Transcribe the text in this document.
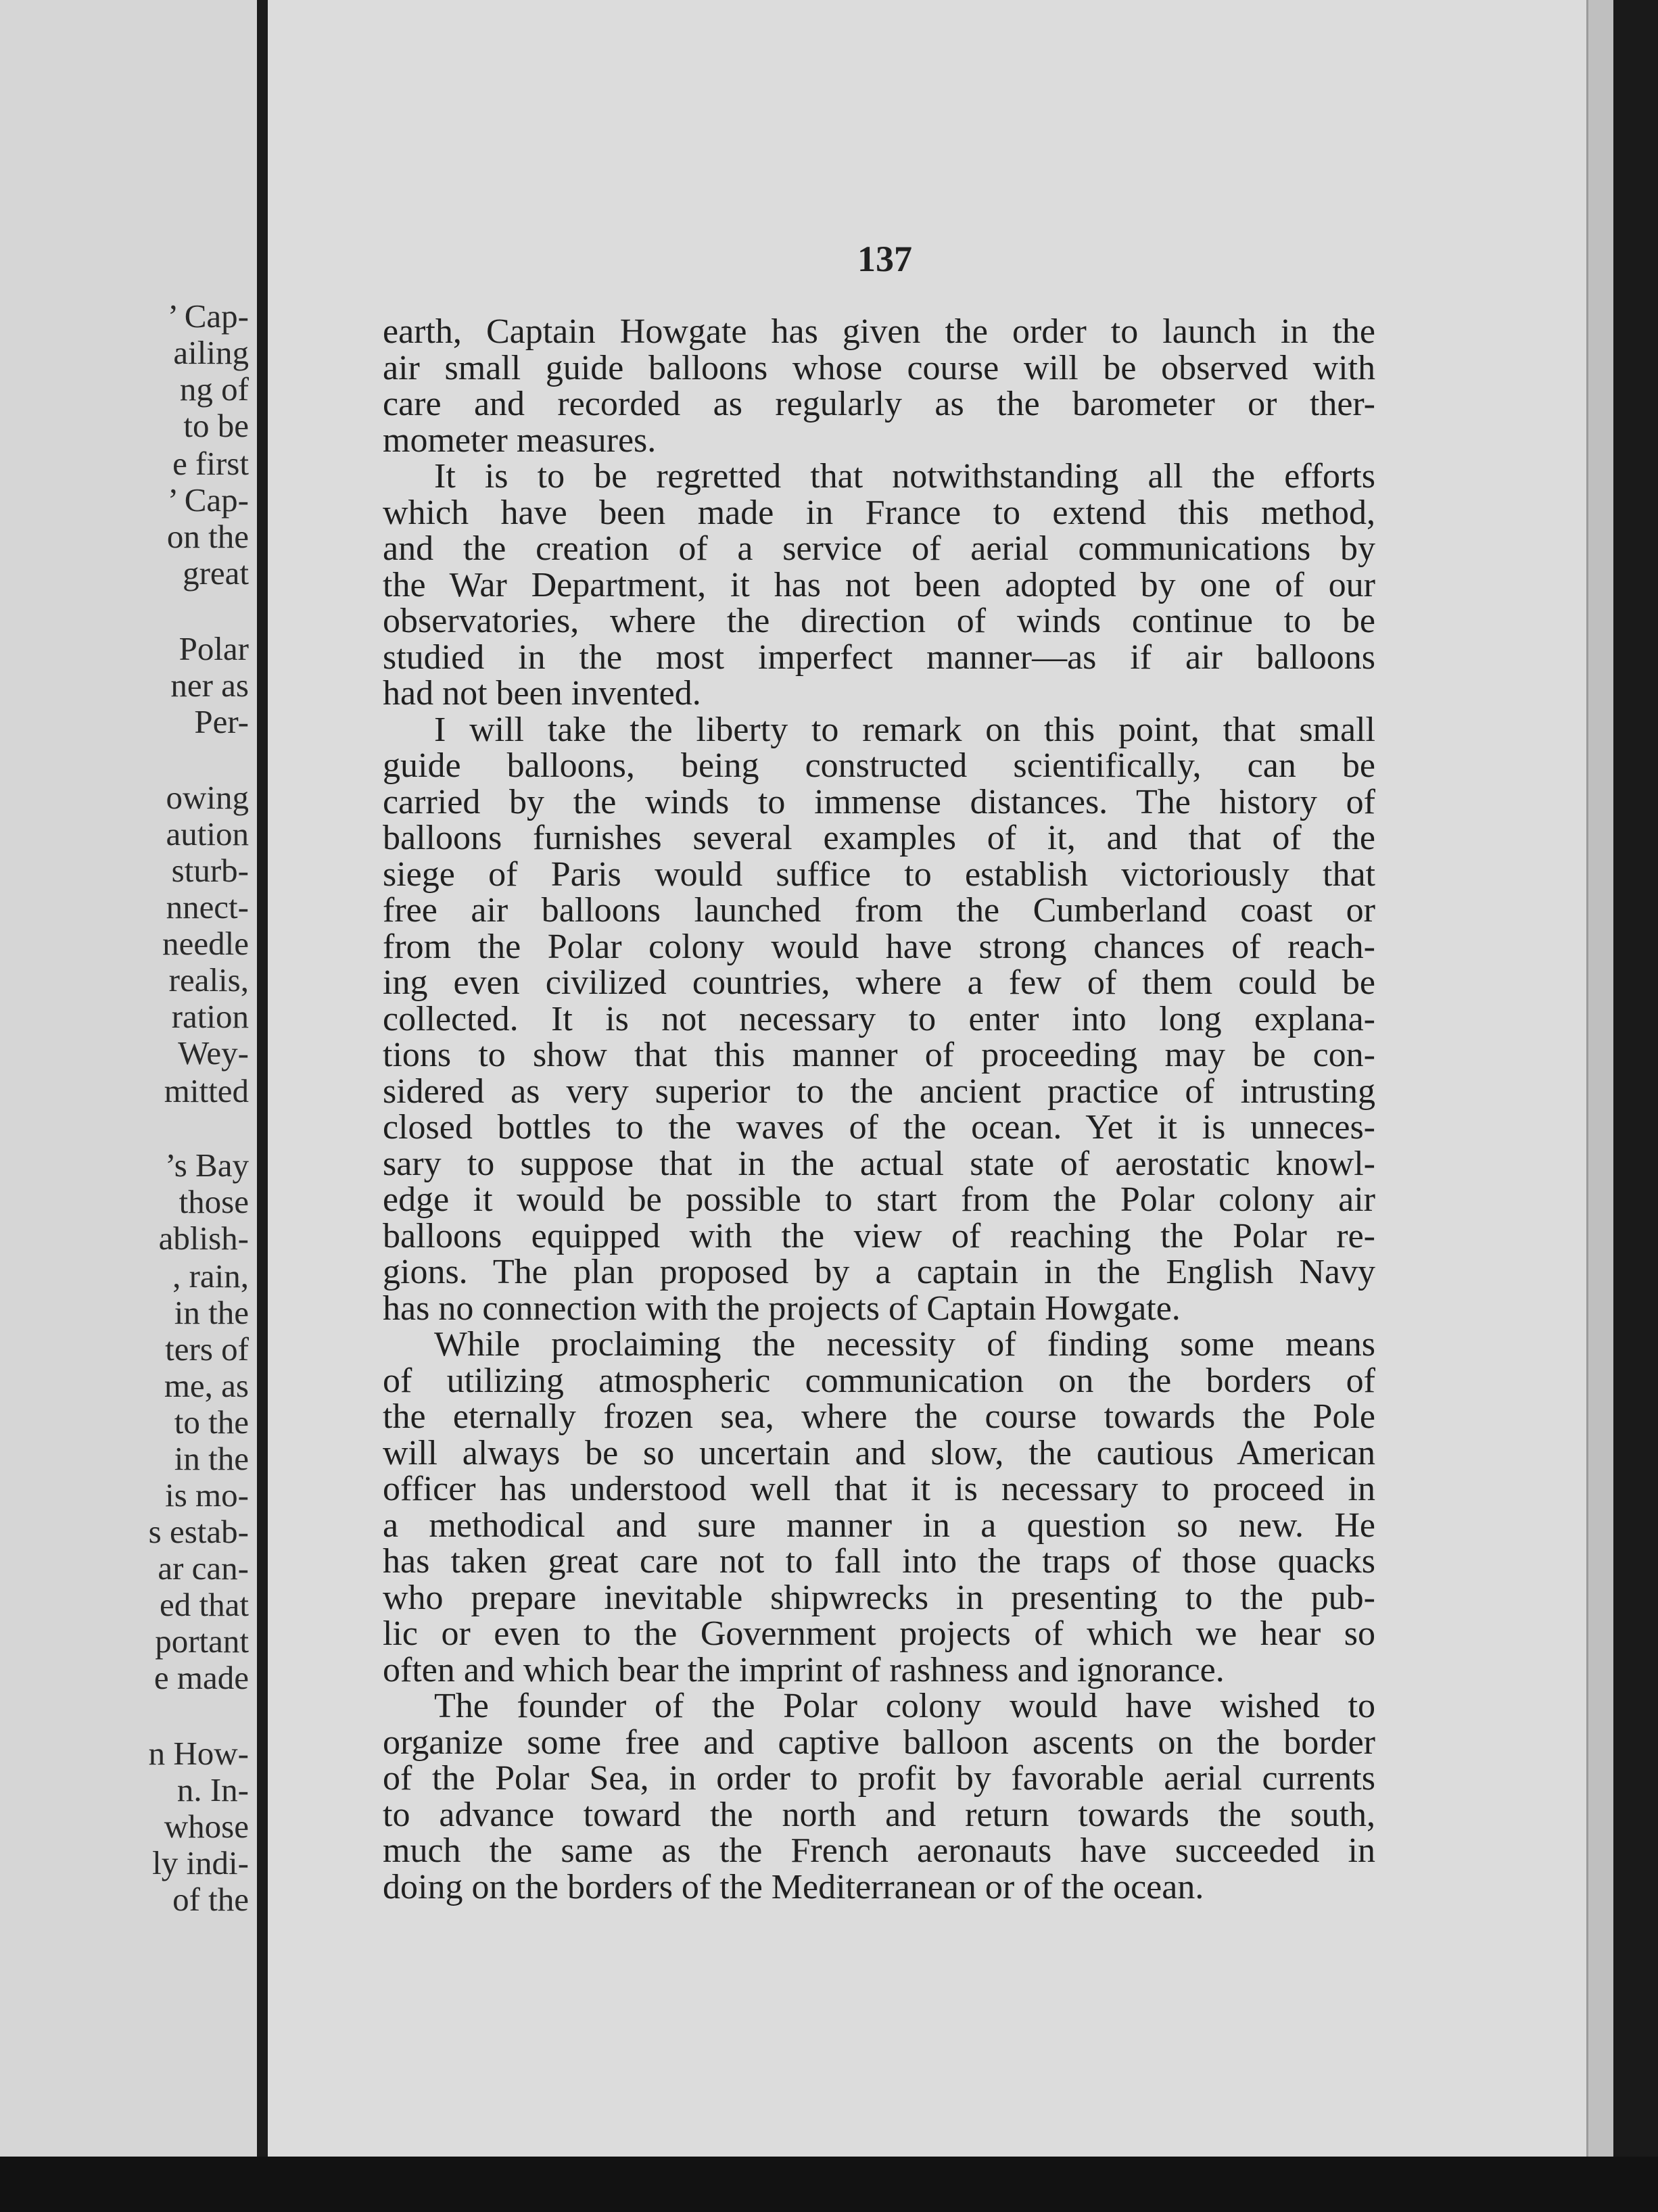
’ Cap-
ailing
ng of
to be
e first
’ Cap-
on the
great
Polar
ner as
Per-
owing
aution
sturb-
nnect-
needle
realis,
ration
Wey-
mitted
’s Bay
those
ablish-
, rain,
in the
ters of
me, as
to the
in the
is mo-
s estab-
ar can-
ed that
portant
e made
n How-
n. In-
whose
ly indi-
of the
137
earth, Captain Howgate has given the order to launch in the
air small guide balloons whose course will be observed with
care and recorded as regularly as the barometer or ther-
mometer measures.
It is to be regretted that notwithstanding all the efforts
which have been made in France to extend this method,
and the creation of a service of aerial communications by
the War Department, it has not been adopted by one of our
observatories, where the direction of winds continue to be
studied in the most imperfect manner—as if air balloons
had not been invented.
I will take the liberty to remark on this point, that small
guide balloons, being constructed scientifically, can be
carried by the winds to immense distances. The history of
balloons furnishes several examples of it, and that of the
siege of Paris would suffice to establish victoriously that
free air balloons launched from the Cumberland coast or
from the Polar colony would have strong chances of reach-
ing even civilized countries, where a few of them could be
collected. It is not necessary to enter into long explana-
tions to show that this manner of proceeding may be con-
sidered as very superior to the ancient practice of intrusting
closed bottles to the waves of the ocean. Yet it is unneces-
sary to suppose that in the actual state of aerostatic knowl-
edge it would be possible to start from the Polar colony air
balloons equipped with the view of reaching the Polar re-
gions. The plan proposed by a captain in the English Navy
has no connection with the projects of Captain Howgate.
While proclaiming the necessity of finding some means
of utilizing atmospheric communication on the borders of
the eternally frozen sea, where the course towards the Pole
will always be so uncertain and slow, the cautious American
officer has understood well that it is necessary to proceed in
a methodical and sure manner in a question so new. He
has taken great care not to fall into the traps of those quacks
who prepare inevitable shipwrecks in presenting to the pub-
lic or even to the Government projects of which we hear so
often and which bear the imprint of rashness and ignorance.
The founder of the Polar colony would have wished to
organize some free and captive balloon ascents on the border
of the Polar Sea, in order to profit by favorable aerial currents
to advance toward the north and return towards the south,
much the same as the French aeronauts have succeeded in
doing on the borders of the Mediterranean or of the ocean.
